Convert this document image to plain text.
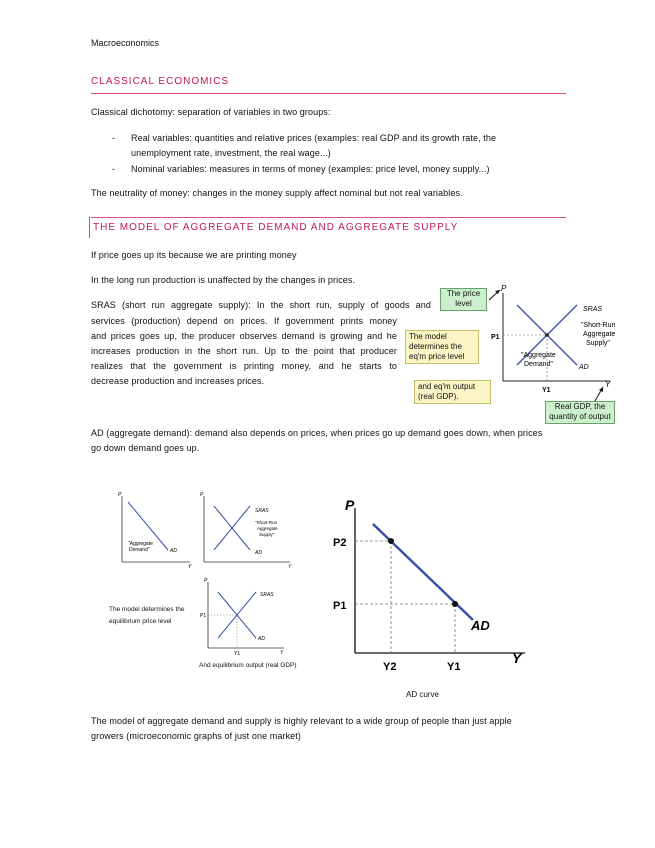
Macroeconomics
CLASSICAL ECONOMICS
Classical dichotomy: separation of variables in two groups:
-	Real variables: quantities and relative prices (examples: real GDP and its growth rate, the
unemployment rate, investment, the real wage...)
-	Nominal variables: measures in terms of money (examples: price level, money supply...)
The neutrality of money: changes in the money supply affect nominal but not real variables.
THE MODEL OF AGGREGATE DEMAND AND AGGREGATE SUPPLY
If price goes up its because we are printing money
In the long run production is unaffected by the changes in prices.
SRAS (short run aggregate supply): In the short run, supply of goods and
services (production) depend on prices. If government prints money
and prices goes up, the producer observes demand is growing and he
increases production in the short run. Up to the point that producer
realizes that the government is printing money, and he starts to
decrease production and increases prices.
P
Y
P1
Y1
SRAS
"Short-Run
Aggregate
Supply"
"Aggregate
Demand"	AD
The price level
The model
determines the
eq'm price level
and eq'm output
(real GDP).
Real GDP, the
quantity of output
AD (aggregate demand): demand also depends on prices, when prices go up demand goes down, when prices
go down demand goes up.
P
Y
"Aggregate
Demand"	AD
P
Y
SRAS
"Short-Run
Aggregate
Supply"
AD
P
Y
P1
Y1
SRAS
AD
The model determines the
equilibrium price level
And equilibrium output (real GDP)
P
Y
P2
P1
Y2	Y1
AD
AD curve
The model of aggregate demand and supply is highly relevant to a wide group of people than just apple
growers (microeconomic graphs of just one market)
